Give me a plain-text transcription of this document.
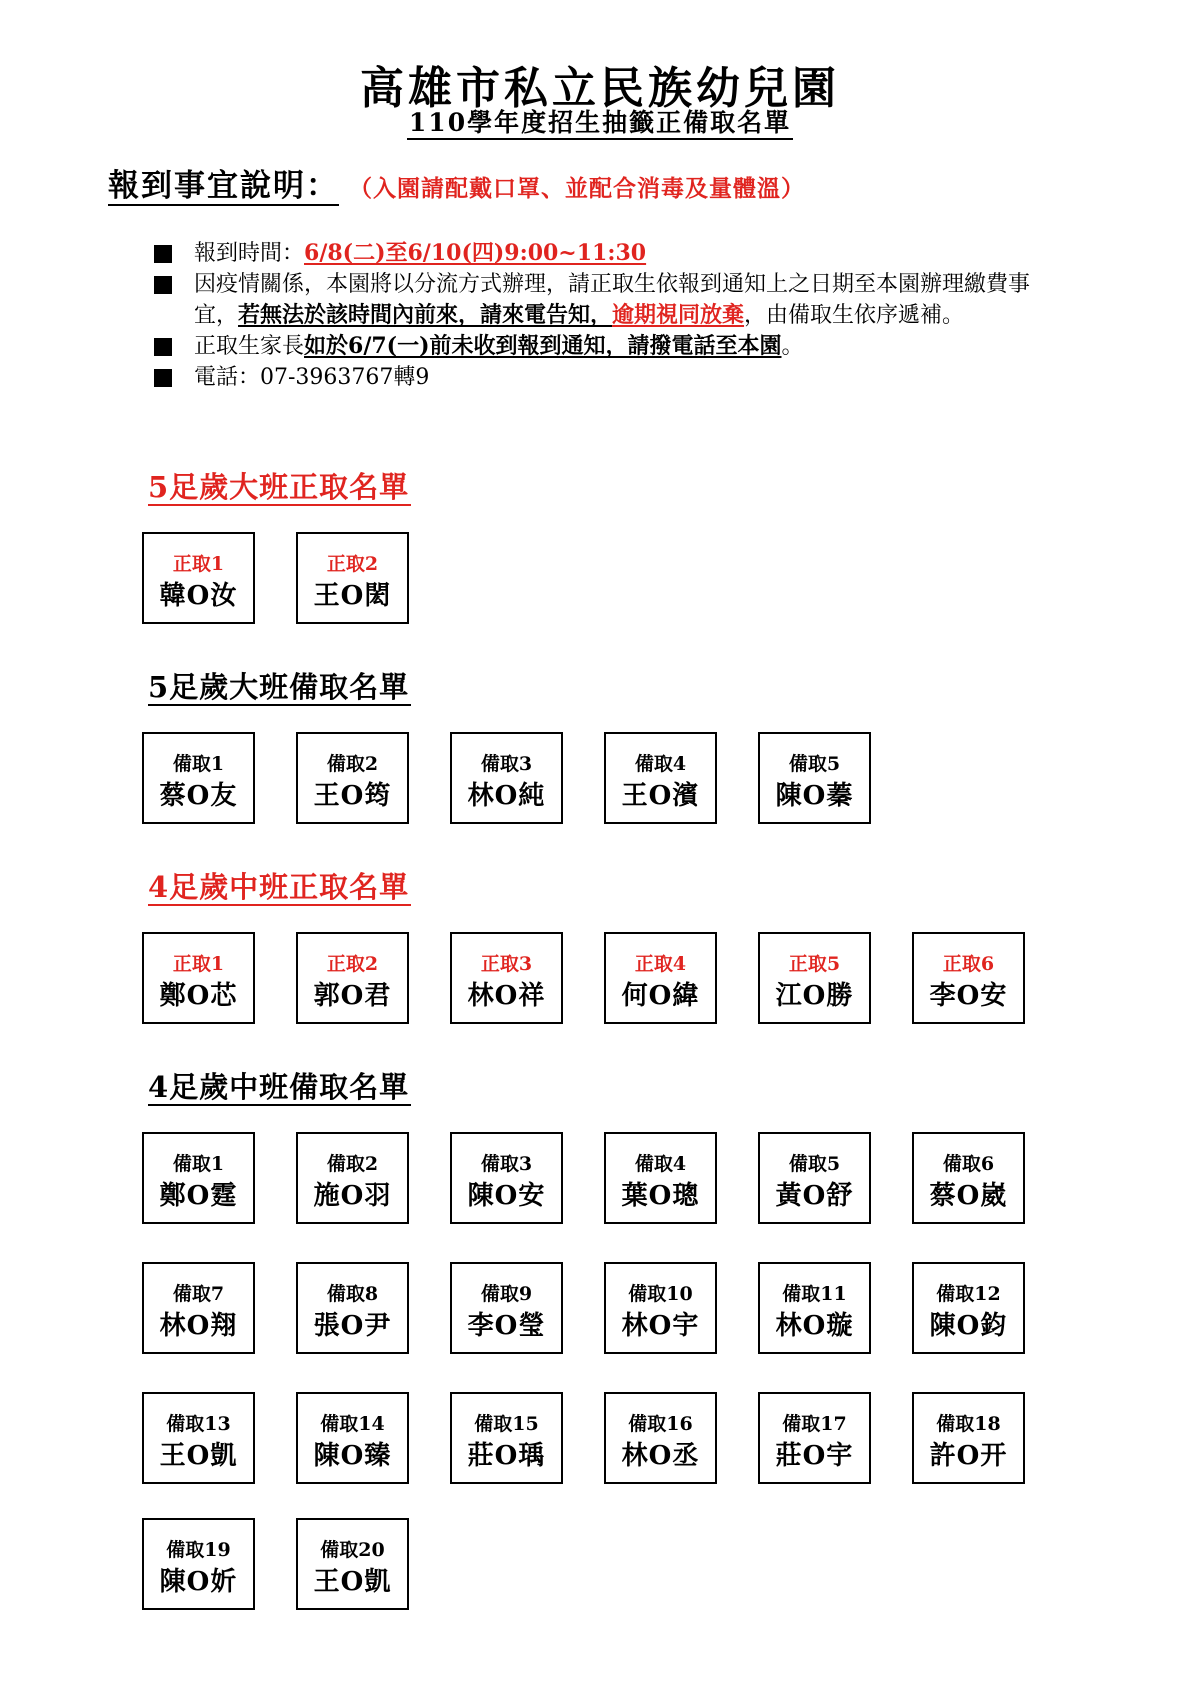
高雄市私立民族幼兒園
110學年度招生抽籤正備取名單
報到事宜說明： （入園請配戴口罩、並配合消毒及量體溫）
報到時間：6/8(二)至6/10(四)9:00~11:30
因疫情關係，本園將以分流方式辦理，請正取生依報到通知上之日期至本園辦理繳費事宜，若無法於該時間內前來，請來電告知，逾期視同放棄，由備取生依序遞補。
正取生家長如於6/7(一)前未收到報到通知，請撥電話至本園。
電話：07-3963767轉9
5足歲大班正取名單
正取1
韓O汝
正取2
王O閎
5足歲大班備取名單
備取1
蔡O友
備取2
王O筠
備取3
林O純
備取4
王O濱
備取5
陳O蓁
4足歲中班正取名單
正取1
鄭O芯
正取2
郭O君
正取3
林O祥
正取4
何O緯
正取5
江O勝
正取6
李O安
4足歲中班備取名單
備取1
鄭O霆
備取2
施O羽
備取3
陳O安
備取4
葉O璁
備取5
黃O舒
備取6
蔡O崴
備取7
林O翔
備取8
張O尹
備取9
李O瑩
備取10
林O宇
備取11
林O璇
備取12
陳O鈞
備取13
王O凱
備取14
陳O臻
備取15
莊O瑀
備取16
林O丞
備取17
莊O宇
備取18
許O开
備取19
陳O妡
備取20
王O凱
